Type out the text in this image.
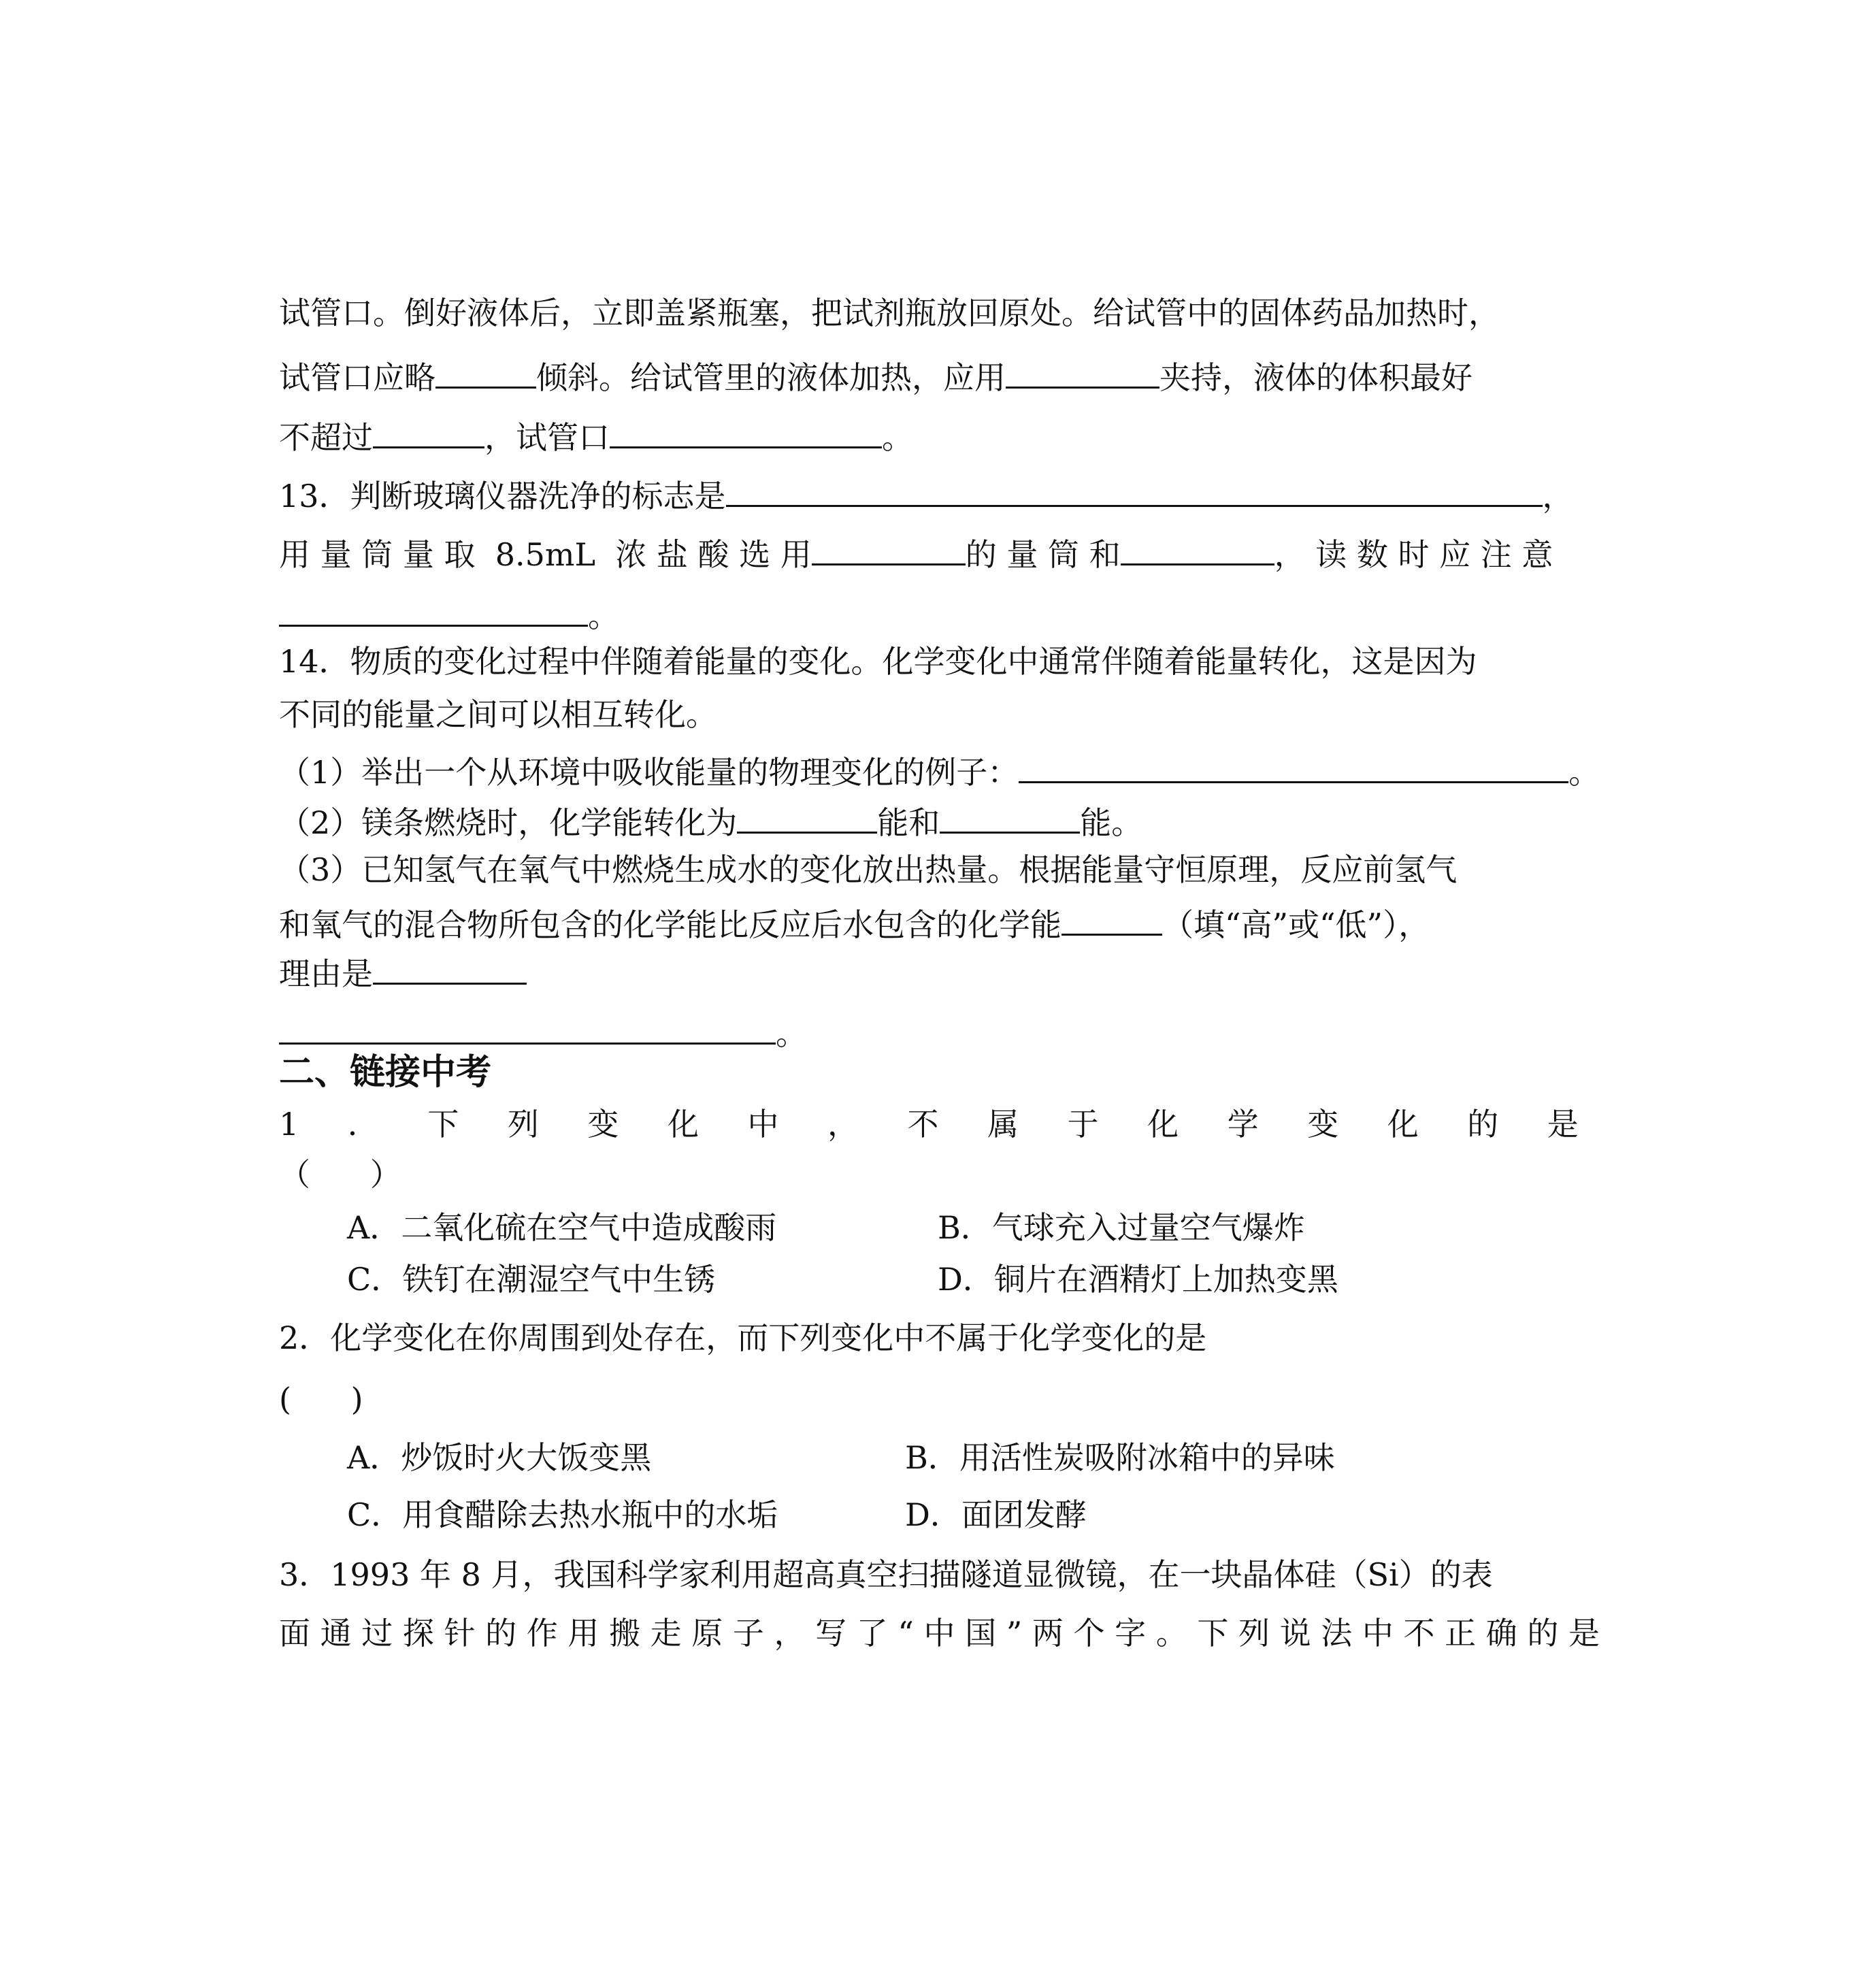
试管口。倒好液体后，立即盖紧瓶塞，把试剂瓶放回原处。给试管中的固体药品加热时，
试管口应略	倾斜。给试管里的液体加热，应用	夹持，液体的体积最好
不超过	，试管口	。
13．判断玻璃仪器洗净的标志是	，
用 量 筒 量 取  8.5mL  浓 盐 酸 选 用	的 量 筒 和	， 读 数 时 应 注 意
。
14．物质的变化过程中伴随着能量的变化。化学变化中通常伴随着能量转化，这是因为
不同的能量之间可以相互转化。
（1）举出一个从环境中吸收能量的物理变化的例子：	。
（2）镁条燃烧时，化学能转化为	能和	能。
（3）已知氢气在氧气中燃烧生成水的变化放出热量。根据能量守恒原理，反应前氢气
和氧气的混合物所包含的化学能比反应后水包含的化学能	（填“高”或“低”），
理由是
。
二、链接中考
1 ． 下 列 变 化 中 ， 不 属 于 化 学 变 化 的 是
（      ）
A．二氧化硫在空气中造成酸雨	B．气球充入过量空气爆炸
C．铁钉在潮湿空气中生锈	D．铜片在酒精灯上加热变黑
2．化学变化在你周围到处存在，而下列变化中不属于化学变化的是
(      )
A．炒饭时火大饭变黑	B．用活性炭吸附冰箱中的异味
C．用食醋除去热水瓶中的水垢	D．面团发酵
3．1993 年 8 月，我国科学家利用超高真空扫描隧道显微镜，在一块晶体硅（Si）的表
面 通 过 探 针 的 作 用 搬 走 原 子 ， 写 了 “ 中 国 ” 两 个 字 。 下 列 说 法 中 不 正 确 的 是
